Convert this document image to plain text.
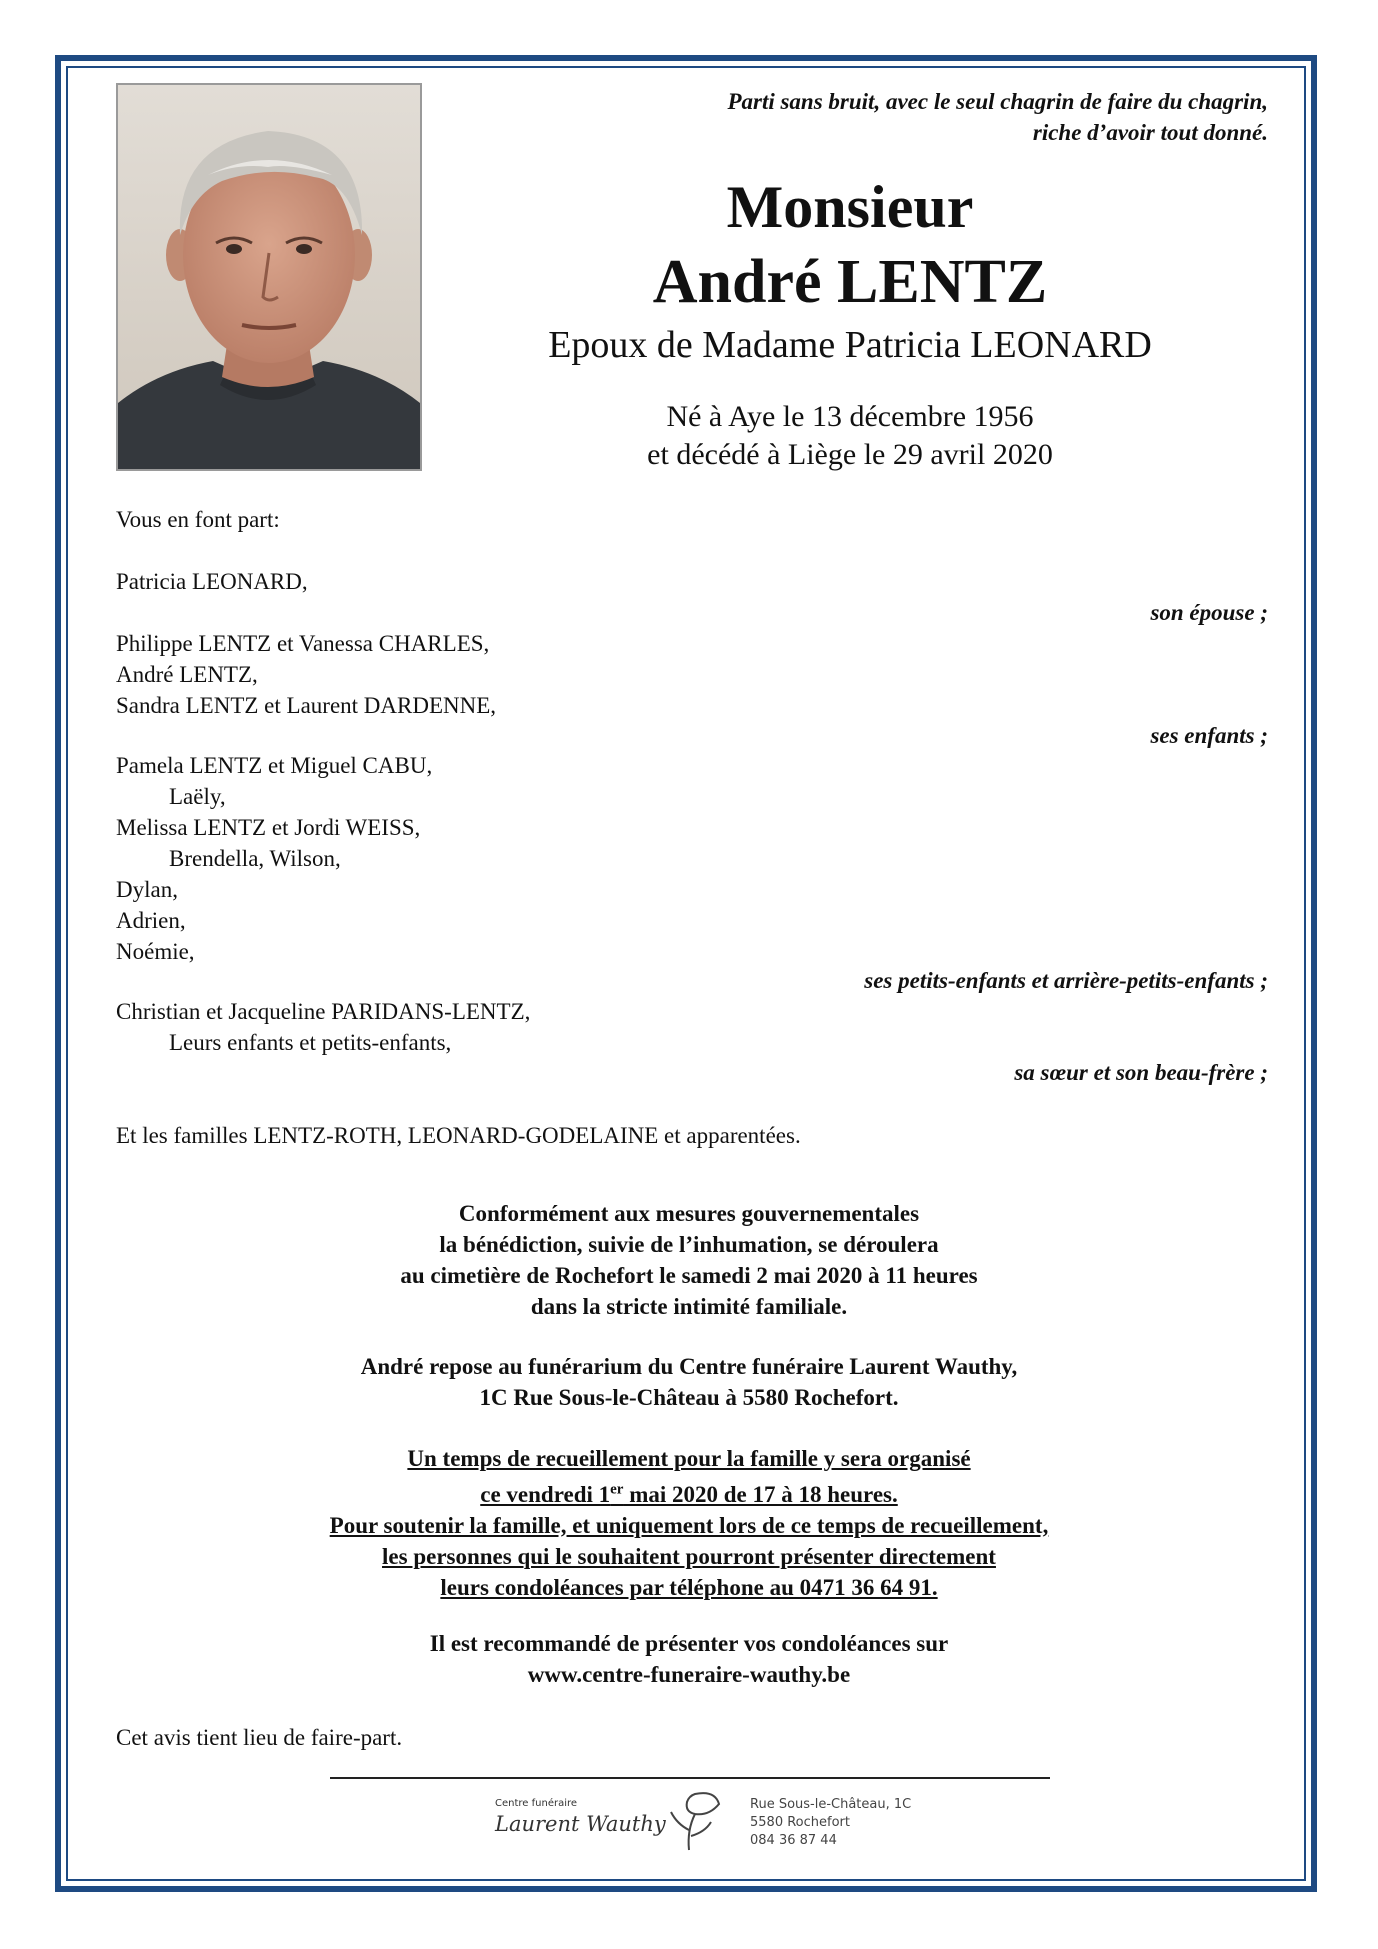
Parti sans bruit, avec le seul chagrin de faire du chagrin,
riche d’avoir tout donné.
Monsieur
André LENTZ
Epoux de Madame Patricia LEONARD
Né à Aye le 13 décembre 1956
et décédé à Liège le 29 avril 2020
Vous en font part:
Patricia LEONARD,
son épouse ;
Philippe LENTZ et Vanessa CHARLES,
André LENTZ,
Sandra LENTZ et Laurent DARDENNE,
ses enfants ;
Pamela LENTZ et Miguel CABU,
Laëly,
Melissa LENTZ et Jordi WEISS,
Brendella, Wilson,
Dylan,
Adrien,
Noémie,
ses petits-enfants et arrière-petits-enfants ;
Christian et Jacqueline PARIDANS-LENTZ,
Leurs enfants et petits-enfants,
sa sœur et son beau-frère ;
Et les familles LENTZ-ROTH, LEONARD-GODELAINE et apparentées.
Conformément aux mesures gouvernementales
la bénédiction, suivie de l’inhumation, se déroulera
au cimetière de Rochefort le samedi 2 mai 2020 à 11 heures
dans la stricte intimité familiale.
André repose au funérarium du Centre funéraire Laurent Wauthy,
1C Rue Sous-le-Château à 5580 Rochefort.
Un temps de recueillement pour la famille y sera organisé
ce vendredi 1er mai 2020 de 17 à 18 heures.
Pour soutenir la famille, et uniquement lors de ce temps de recueillement,
les personnes qui le souhaitent pourront présenter directement
leurs condoléances par téléphone au 0471 36 64 91.
Il est recommandé de présenter vos condoléances sur
www.centre-funeraire-wauthy.be
Cet avis tient lieu de faire-part.
Centre funéraire
Laurent Wauthy
Rue Sous-le-Château, 1C
5580 Rochefort
084 36 87 44
